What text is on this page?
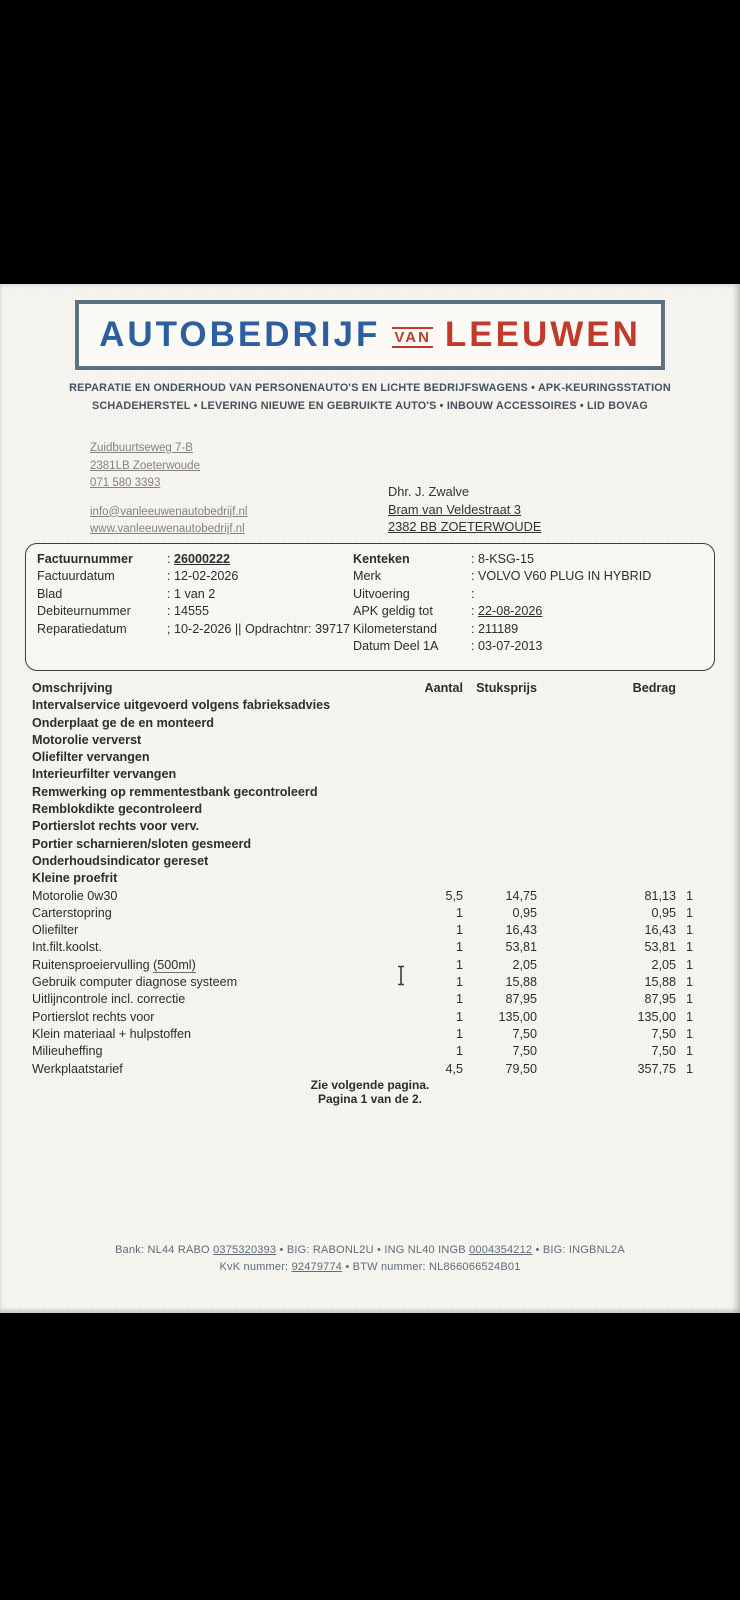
AUTOBEDRIJF VAN LEEUWEN
REPARATIE EN ONDERHOUD VAN PERSONENAUTO'S EN LICHTE BEDRIJFSWAGENS • APK-KEURINGSSTATION
SCHADEHERSTEL • LEVERING NIEUWE EN GEBRUIKTE AUTO'S • INBOUW ACCESSOIRES • LID BOVAG
Zuidbuurtseweg 7-B
2381LB Zoeterwoude
071 580 3393
info@vanleeuwenautobedrijf.nl
www.vanleeuwenautobedrijf.nl
Dhr. J. Zwalve
Bram van Veldestraat 3
2382 BB ZOETERWOUDE
Factuurnummer	: 26000222
Factuurdatum	: 12-02-2026
Blad	: 1 van 2
Debiteurnummer	: 14555
Reparatiedatum	; 10-2-2026 || Opdrachtnr: 39717
Kenteken	: 8-KSG-15
Merk	: VOLVO V60 PLUG IN HYBRID
Uitvoering	:
APK geldig tot	: 22-08-2026
Kilometerstand	: 211189
Datum Deel 1A	: 03-07-2013
Omschrijving	Aantal	Stuksprijs	Bedrag
Intervalservice uitgevoerd volgens fabrieksadvies
Onderplaat ge de en monteerd
Motorolie ververst
Oliefilter vervangen
Interieurfilter vervangen
Remwerking op remmentestbank gecontroleerd
Remblokdikte gecontroleerd
Portierslot rechts voor verv.
Portier scharnieren/sloten gesmeerd
Onderhoudsindicator gereset
Kleine proefrit
Motorolie 0w30	5,5	14,75	81,13 1
Carterstopring	1	0,95	0,95 1
Oliefilter	1	16,43	16,43 1
Int.filt.koolst.	1	53,81	53,81 1
Ruitensproeiervulling (500ml)	1	2,05	2,05 1
Gebruik computer diagnose systeem	1	15,88	15,88 1
Uitlijncontrole incl. correctie	1	87,95	87,95 1
Portierslot rechts voor	1	135,00	135,00 1
Klein materiaal + hulpstoffen	1	7,50	7,50 1
Milieuheffing	1	7,50	7,50 1
Werkplaatstarief	4,5	79,50	357,75 1
Zie volgende pagina.
Pagina 1 van de 2.
Bank: NL44 RABO 0375320393 • BIG: RABONL2U • ING NL40 INGB 0004354212 • BIG: INGBNL2A
KvK nummer: 92479774 • BTW nummer: NL866066524B01
